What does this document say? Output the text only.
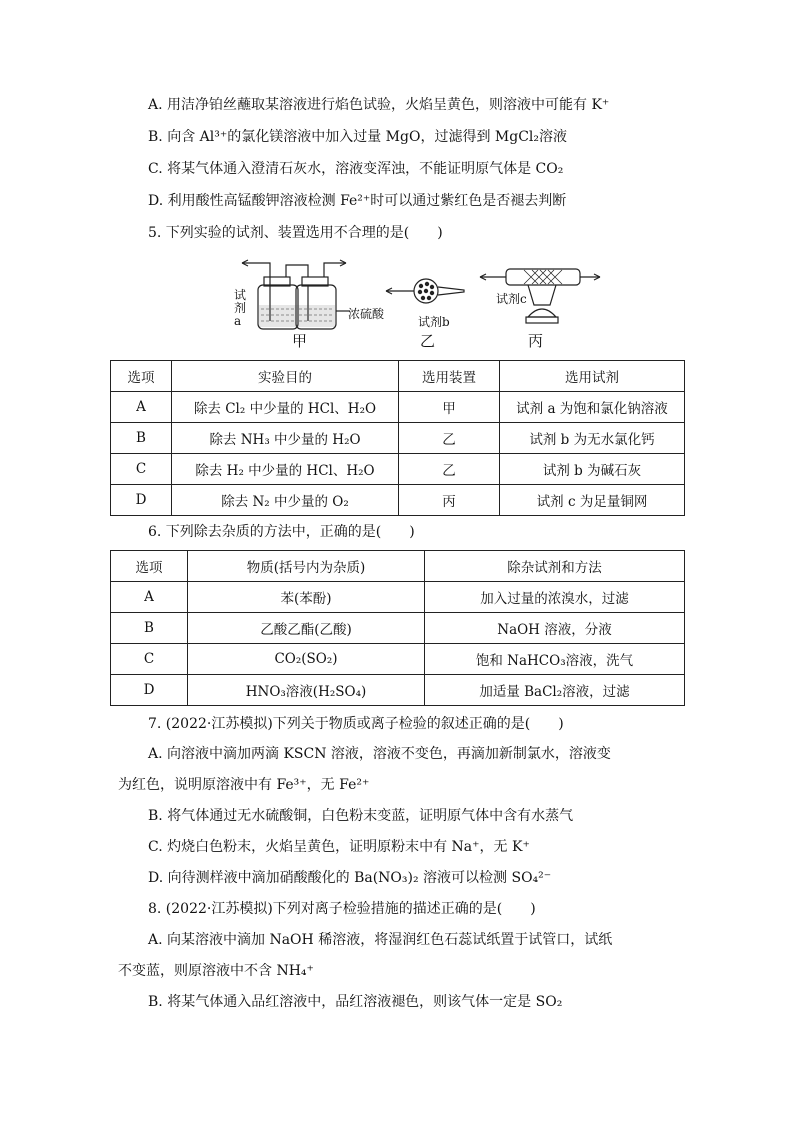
A. 用洁净铂丝蘸取某溶液进行焰色试验，火焰呈黄色，则溶液中可能有 K⁺
B. 向含 Al³⁺的氯化镁溶液中加入过量 MgO，过滤得到 MgCl₂溶液
C. 将某气体通入澄清石灰水，溶液变浑浊，不能证明原气体是 CO₂
D. 利用酸性高锰酸钾溶液检测 Fe²⁺时可以通过紫红色是否褪去判断
5. 下列实验的试剂、装置选用不合理的是(　　)
试剂a	浓硫酸
试剂b
试剂c
甲	乙	丙
选项	实验目的	选用装置	选用试剂
A	除去 Cl₂ 中少量的 HCl、H₂O	甲	试剂 a 为饱和氯化钠溶液
B	除去 NH₃ 中少量的 H₂O	乙	试剂 b 为无水氯化钙
C	除去 H₂ 中少量的 HCl、H₂O	乙	试剂 b 为碱石灰
D	除去 N₂ 中少量的 O₂	丙	试剂 c 为足量铜网
6. 下列除去杂质的方法中，正确的是(　　)
选项	物质(括号内为杂质)	除杂试剂和方法
A	苯(苯酚)	加入过量的浓溴水，过滤
B	乙酸乙酯(乙酸)	NaOH 溶液，分液
C	CO₂(SO₂)	饱和 NaHCO₃溶液，洗气
D	HNO₃溶液(H₂SO₄)	加适量 BaCl₂溶液，过滤
7. (2022·江苏模拟)下列关于物质或离子检验的叙述正确的是(　　)
A. 向溶液中滴加两滴 KSCN 溶液，溶液不变色，再滴加新制氯水，溶液变
为红色，说明原溶液中有 Fe³⁺，无 Fe²⁺
B. 将气体通过无水硫酸铜，白色粉末变蓝，证明原气体中含有水蒸气
C. 灼烧白色粉末，火焰呈黄色，证明原粉末中有 Na⁺，无 K⁺
D. 向待测样液中滴加硝酸酸化的 Ba(NO₃)₂ 溶液可以检测 SO₄²⁻
8. (2022·江苏模拟)下列对离子检验措施的描述正确的是(　　)
A. 向某溶液中滴加 NaOH 稀溶液，将湿润红色石蕊试纸置于试管口，试纸
不变蓝，则原溶液中不含 NH₄⁺
B. 将某气体通入品红溶液中，品红溶液褪色，则该气体一定是 SO₂
